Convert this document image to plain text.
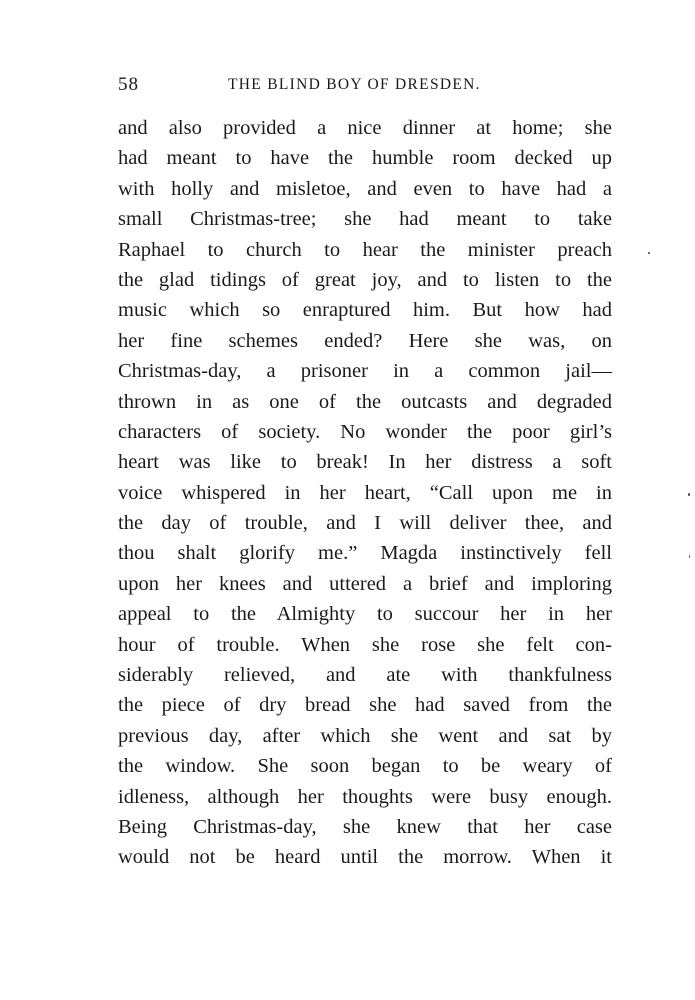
58	THE BLIND BOY OF DRESDEN.
and also provided a nice dinner at home; she
had meant to have the humble room decked up
with holly and misletoe, and even to have had a
small Christmas-tree; she had meant to take
Raphael to church to hear the minister preach
the glad tidings of great joy, and to listen to the
music which so enraptured him. But how had
her fine schemes ended? Here she was, on
Christmas-day, a prisoner in a common jail—
thrown in as one of the outcasts and degraded
characters of society. No wonder the poor girl’s
heart was like to break! In her distress a soft
voice whispered in her heart, “Call upon me in
the day of trouble, and I will deliver thee, and
thou shalt glorify me.” Magda instinctively fell
upon her knees and uttered a brief and imploring
appeal to the Almighty to succour her in her
hour of trouble. When she rose she felt con-
siderably relieved, and ate with thankfulness
the piece of dry bread she had saved from the
previous day, after which she went and sat by
the window. She soon began to be weary of
idleness, although her thoughts were busy enough.
Being Christmas-day, she knew that her case
would not be heard until the morrow. When it
